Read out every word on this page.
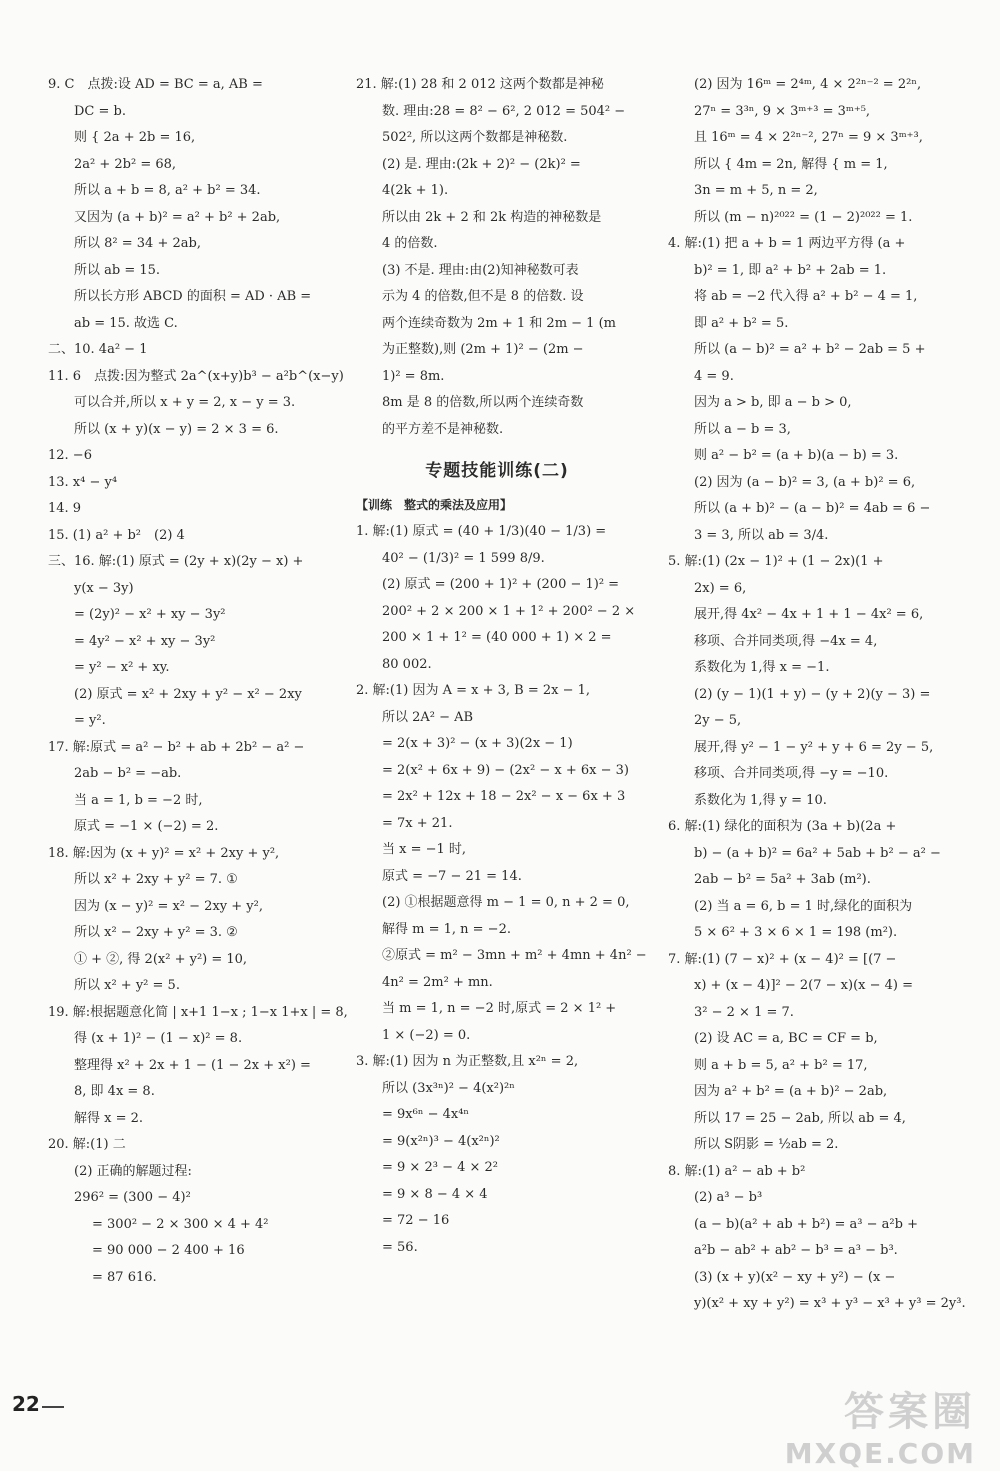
9. C　点拨:设 AD = BC = a, AB =
DC = b.
则 { 2a + 2b = 16,
2a² + 2b² = 68,
所以 a + b = 8, a² + b² = 34.
又因为 (a + b)² = a² + b² + 2ab,
所以 8² = 34 + 2ab,
所以 ab = 15.
所以长方形 ABCD 的面积 = AD · AB =
ab = 15. 故选 C.
二、10. 4a² − 1
11. 6　点拨:因为整式 2a^(x+y)b³ − a²b^(x−y)
可以合并,所以 x + y = 2, x − y = 3.
所以 (x + y)(x − y) = 2 × 3 = 6.
12. −6
13. x⁴ − y⁴
14. 9
15. (1) a² + b²　(2) 4
三、16. 解:(1) 原式 = (2y + x)(2y − x) +
y(x − 3y)
= (2y)² − x² + xy − 3y²
= 4y² − x² + xy − 3y²
= y² − x² + xy.
(2) 原式 = x² + 2xy + y² − x² − 2xy
= y².
17. 解:原式 = a² − b² + ab + 2b² − a² −
2ab − b² = −ab.
当 a = 1, b = −2 时,
原式 = −1 × (−2) = 2.
18. 解:因为 (x + y)² = x² + 2xy + y²,
所以 x² + 2xy + y² = 7. ①
因为 (x − y)² = x² − 2xy + y²,
所以 x² − 2xy + y² = 3. ②
① + ②, 得 2(x² + y²) = 10,
所以 x² + y² = 5.
19. 解:根据题意化简 | x+1 1−x ; 1−x 1+x | = 8,
得 (x + 1)² − (1 − x)² = 8.
整理得 x² + 2x + 1 − (1 − 2x + x²) =
8, 即 4x = 8.
解得 x = 2.
20. 解:(1) 二
(2) 正确的解题过程:
296² = (300 − 4)²
= 300² − 2 × 300 × 4 + 4²
= 90 000 − 2 400 + 16
= 87 616.
21. 解:(1) 28 和 2 012 这两个数都是神秘
数. 理由:28 = 8² − 6², 2 012 = 504² −
502², 所以这两个数都是神秘数.
(2) 是. 理由:(2k + 2)² − (2k)² =
4(2k + 1).
所以由 2k + 2 和 2k 构造的神秘数是
4 的倍数.
(3) 不是. 理由:由(2)知神秘数可表
示为 4 的倍数,但不是 8 的倍数. 设
两个连续奇数为 2m + 1 和 2m − 1 (m
为正整数),则 (2m + 1)² − (2m −
1)² = 8m.
8m 是 8 的倍数,所以两个连续奇数
的平方差不是神秘数.
专题技能训练(二)
【训练　整式的乘法及应用】
1. 解:(1) 原式 = (40 + 1/3)(40 − 1/3) =
40² − (1/3)² = 1 599 8/9.
(2) 原式 = (200 + 1)² + (200 − 1)² =
200² + 2 × 200 × 1 + 1² + 200² − 2 ×
200 × 1 + 1² = (40 000 + 1) × 2 =
80 002.
2. 解:(1) 因为 A = x + 3, B = 2x − 1,
所以 2A² − AB
= 2(x + 3)² − (x + 3)(2x − 1)
= 2(x² + 6x + 9) − (2x² − x + 6x − 3)
= 2x² + 12x + 18 − 2x² − x − 6x + 3
= 7x + 21.
当 x = −1 时,
原式 = −7 − 21 = 14.
(2) ①根据题意得 m − 1 = 0, n + 2 = 0,
解得 m = 1, n = −2.
②原式 = m² − 3mn + m² + 4mn + 4n² −
4n² = 2m² + mn.
当 m = 1, n = −2 时,原式 = 2 × 1² +
1 × (−2) = 0.
3. 解:(1) 因为 n 为正整数,且 x²ⁿ = 2,
所以 (3x³ⁿ)² − 4(x²)²ⁿ
= 9x⁶ⁿ − 4x⁴ⁿ
= 9(x²ⁿ)³ − 4(x²ⁿ)²
= 9 × 2³ − 4 × 2²
= 9 × 8 − 4 × 4
= 72 − 16
= 56.
(2) 因为 16ᵐ = 2⁴ᵐ, 4 × 2²ⁿ⁻² = 2²ⁿ,
27ⁿ = 3³ⁿ, 9 × 3ᵐ⁺³ = 3ᵐ⁺⁵,
且 16ᵐ = 4 × 2²ⁿ⁻², 27ⁿ = 9 × 3ᵐ⁺³,
所以 { 4m = 2n, 解得 { m = 1,
3n = m + 5, n = 2,
所以 (m − n)²⁰²² = (1 − 2)²⁰²² = 1.
4. 解:(1) 把 a + b = 1 两边平方得 (a +
b)² = 1, 即 a² + b² + 2ab = 1.
将 ab = −2 代入得 a² + b² − 4 = 1,
即 a² + b² = 5.
所以 (a − b)² = a² + b² − 2ab = 5 +
4 = 9.
因为 a > b, 即 a − b > 0,
所以 a − b = 3,
则 a² − b² = (a + b)(a − b) = 3.
(2) 因为 (a − b)² = 3, (a + b)² = 6,
所以 (a + b)² − (a − b)² = 4ab = 6 −
3 = 3, 所以 ab = 3/4.
5. 解:(1) (2x − 1)² + (1 − 2x)(1 +
2x) = 6,
展开,得 4x² − 4x + 1 + 1 − 4x² = 6,
移项、合并同类项,得 −4x = 4,
系数化为 1,得 x = −1.
(2) (y − 1)(1 + y) − (y + 2)(y − 3) =
2y − 5,
展开,得 y² − 1 − y² + y + 6 = 2y − 5,
移项、合并同类项,得 −y = −10.
系数化为 1,得 y = 10.
6. 解:(1) 绿化的面积为 (3a + b)(2a +
b) − (a + b)² = 6a² + 5ab + b² − a² −
2ab − b² = 5a² + 3ab (m²).
(2) 当 a = 6, b = 1 时,绿化的面积为
5 × 6² + 3 × 6 × 1 = 198 (m²).
7. 解:(1) (7 − x)² + (x − 4)² = [(7 −
x) + (x − 4)]² − 2(7 − x)(x − 4) =
3² − 2 × 1 = 7.
(2) 设 AC = a, BC = CF = b,
则 a + b = 5, a² + b² = 17,
因为 a² + b² = (a + b)² − 2ab,
所以 17 = 25 − 2ab, 所以 ab = 4,
所以 S阴影 = ½ab = 2.
8. 解:(1) a² − ab + b²
(2) a³ − b³
(a − b)(a² + ab + b²) = a³ − a²b +
a²b − ab² + ab² − b³ = a³ − b³.
(3) (x + y)(x² − xy + y²) − (x −
y)(x² + xy + y²) = x³ + y³ − x³ + y³ = 2y³.
22	答案圈
MXQE.COM
